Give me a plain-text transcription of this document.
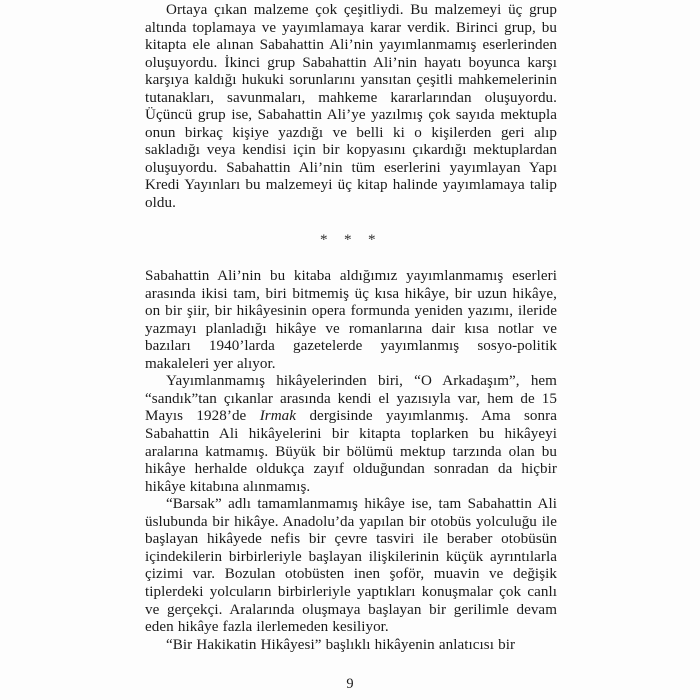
Ortaya çıkan malzeme çok çeşitliydi. Bu malzemeyi üç grup altında toplamaya ve yayımlamaya karar verdik. Birinci grup, bu kitapta ele alınan Sabahattin Ali’nin yayımlanmamış eserlerinden oluşuyordu. İkinci grup Sabahattin Ali’nin hayatı boyunca karşı karşıya kaldığı hukuki sorunlarını yansıtan çeşitli mahkemelerinin tutanakları, savunmaları, mahkeme kararlarından oluşuyordu. Üçüncü grup ise, Sabahattin Ali’ye yazılmış çok sayıda mektupla onun birkaç kişiye yazdığı ve belli ki o kişilerden geri alıp sakladığı veya kendisi için bir kopyasını çıkardığı mektuplardan oluşuyordu. Sabahattin Ali’nin tüm eserlerini yayımlayan Yapı Kredi Yayınları bu malzemeyi üç kitap halinde yayımlamaya talip oldu.

* * *

Sabahattin Ali’nin bu kitaba aldığımız yayımlanmamış eserleri arasında ikisi tam, biri bitmemiş üç kısa hikâye, bir uzun hikâye, on bir şiir, bir hikâyesinin opera formunda yeniden yazımı, ileride yazmayı planladığı hikâye ve romanlarına dair kısa notlar ve bazıları 1940’larda gazetelerde yayımlanmış sosyo-politik makaleleri yer alıyor.

Yayımlanmamış hikâyelerinden biri, “O Arkadaşım”, hem “sandık”tan çıkanlar arasında kendi el yazısıyla var, hem de 15 Mayıs 1928’de Irmak dergisinde yayımlanmış. Ama sonra Sabahattin Ali hikâyelerini bir kitapta toplarken bu hikâyeyi aralarına katmamış. Büyük bir bölümü mektup tarzında olan bu hikâye herhalde oldukça zayıf olduğundan sonradan da hiçbir hikâye kitabına alınmamış.

“Barsak” adlı tamamlanmamış hikâye ise, tam Sabahattin Ali üslubunda bir hikâye. Anadolu’da yapılan bir otobüs yolculuğu ile başlayan hikâyede nefis bir çevre tasviri ile beraber otobüsün içindekilerin birbirleriyle başlayan ilişkilerinin küçük ayrıntılarla çizimi var. Bozulan otobüsten inen şoför, muavin ve değişik tiplerdeki yolcuların birbirleriyle yaptıkları konuşmalar çok canlı ve gerçekçi. Aralarında oluşmaya başlayan bir gerilimle devam eden hikâye fazla ilerlemeden kesiliyor.

“Bir Hakikatin Hikâyesi” başlıklı hikâyenin anlatıcısı bir

9
